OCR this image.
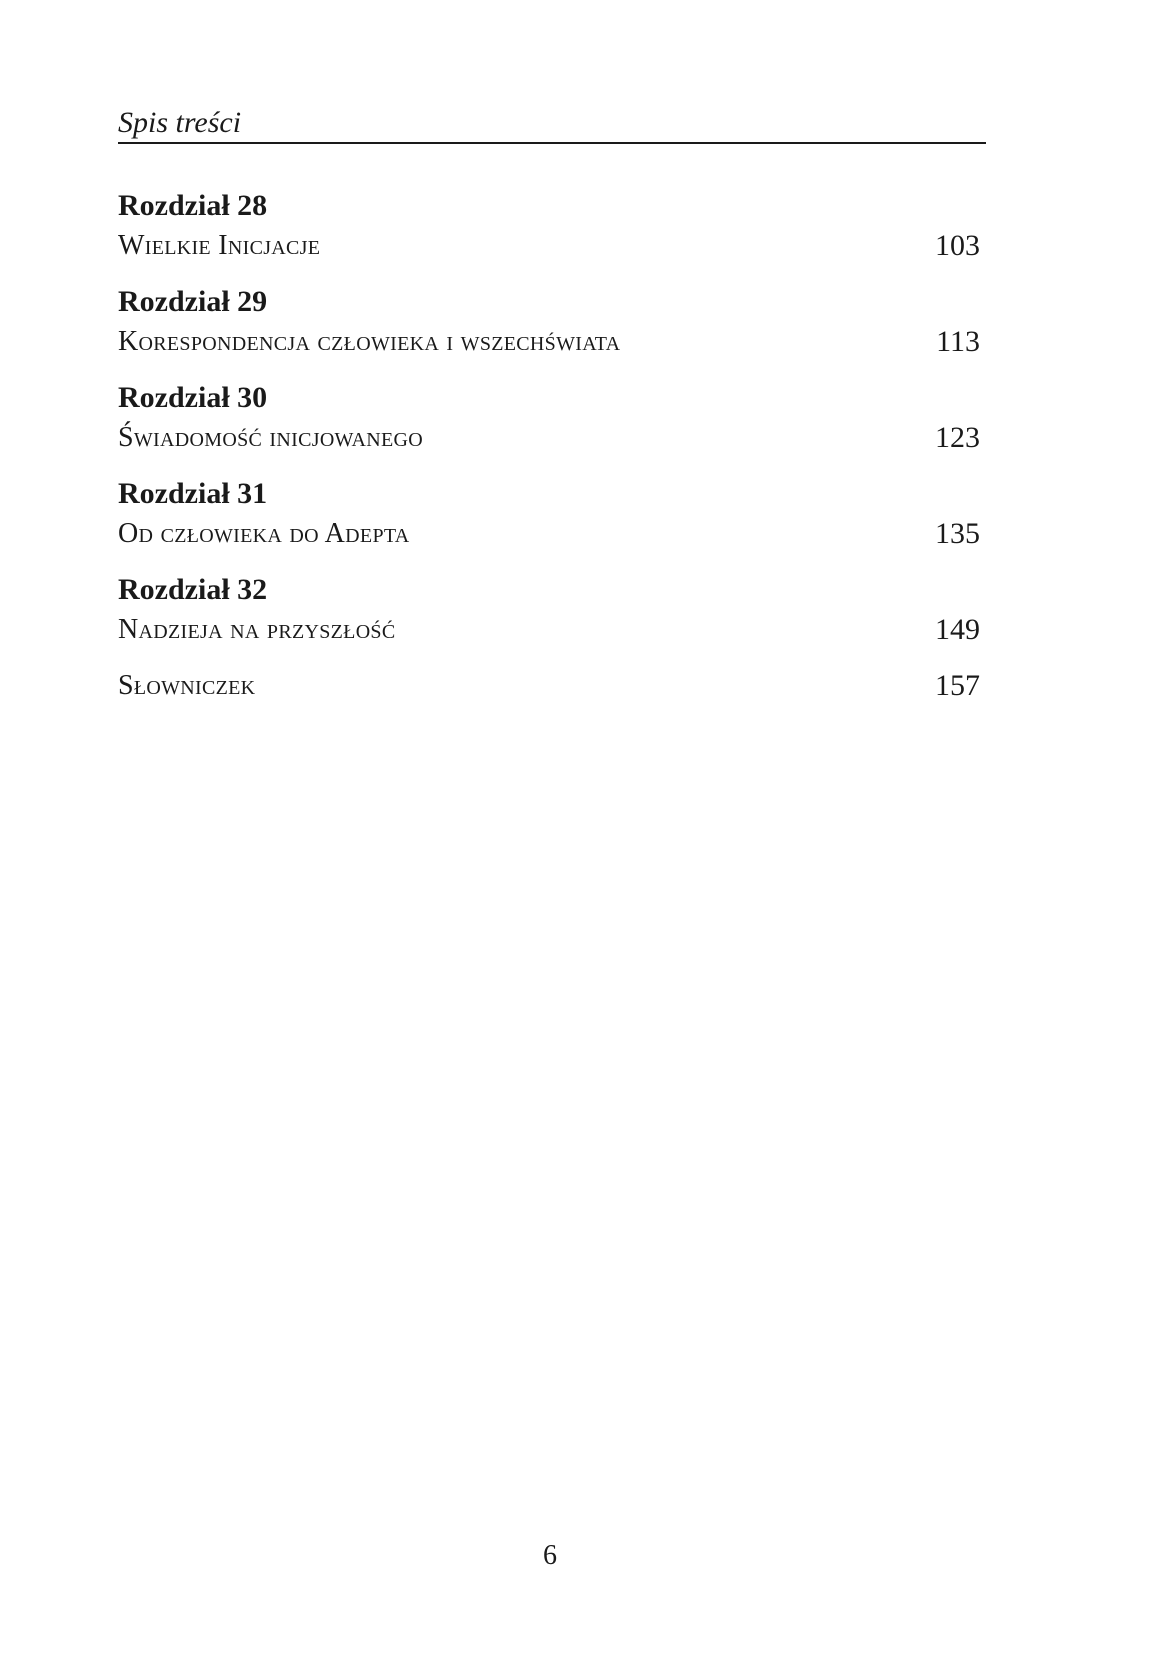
Spis treści
Rozdział 28
Wielkie Inicjacje	103
Rozdział 29
Korespondencja człowieka i wszechświata	113
Rozdział 30
Świadomość inicjowanego	123
Rozdział 31
Od człowieka do Adepta	135
Rozdział 32
Nadzieja na przyszłość	149
Słowniczek	157
6
